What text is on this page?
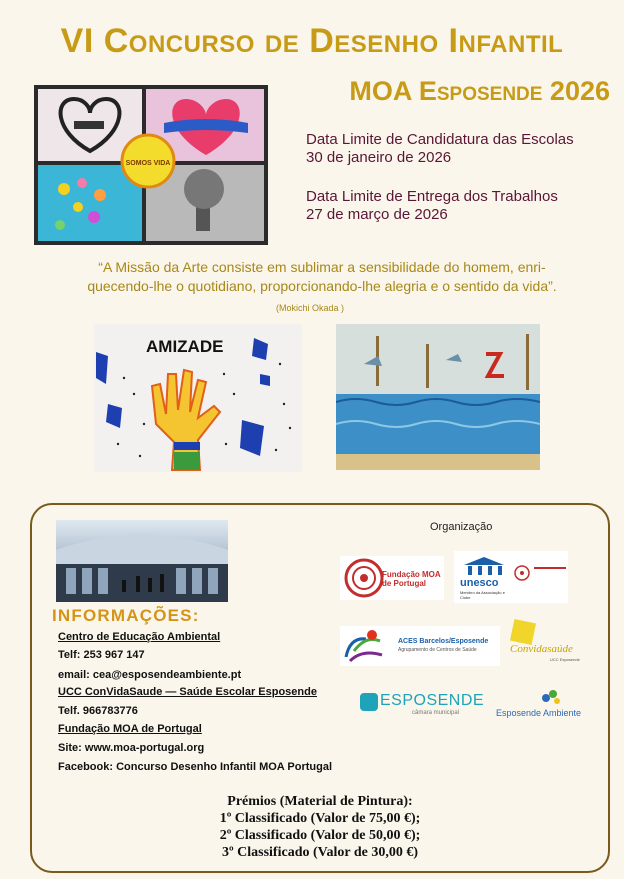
VI Concurso de Desenho Infantil
MOA Esposende 2026
SOMOS VIDA
Data Limite de Candidatura das Escolas
30 de janeiro de 2026
Data Limite de Entrega dos Trabalhos
27 de março de 2026
“A Missão da Arte consiste em sublimar a sensibilidade do homem, enri-
quecendo-lhe o quotidiano, proporcionando-lhe alegria e o sentido da vida”.
(Mokichi Okada )
AMIZADE
Organização
Fundação MOA de Portugal	unesco
Membro da Associação e Clube
ACES Barcelos/Esposende
Agrupamento de Centros de Saúde	Convidasaúde
UCC Esposende
ESPOSENDE
câmara municipal	Esposende Ambiente
INFORMAÇÕES:
Centro de Educação Ambiental
Telf: 253 967 147
email: cea@esposendeambiente.pt
UCC ConVidaSaude — Saúde Escolar Esposende
Telf. 966783776
Fundação MOA de Portugal
Site: www.moa-portugal.org
Facebook: Concurso Desenho Infantil MOA Portugal
Prémios (Material de Pintura):
1º Classificado (Valor de 75,00 €);
2º Classificado (Valor de 50,00 €);
3º Classificado (Valor de 30,00 €)
